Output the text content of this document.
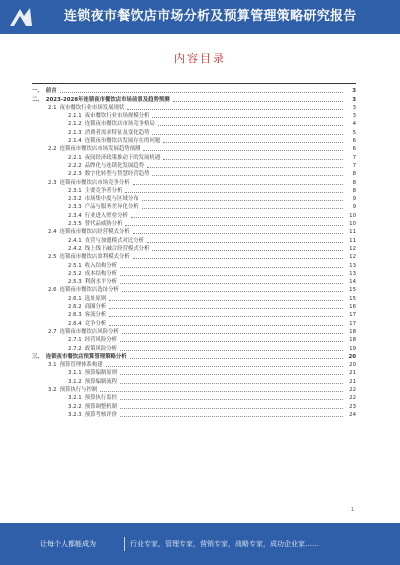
连锁夜市餐饮店市场分析及预算管理策略研究报告
内容目录
一、 前言	3
二、 2023-2028年连锁夜市餐饮店市场前景及趋势预测	3
2.1 夜市餐饮行业市场发展现状	3
2.1.1 夜市餐饮行业市场规模分析	3
2.1.2 连锁夜市餐饮店市场竞争格局	4
2.1.3 消费者需求特征及变化趋势	5
2.1.4 连锁夜市餐饮店发展存在的问题	6
2.2 连锁夜市餐饮店市场发展趋势预测	6
2.2.1 夜间经济政策推动下的发展机遇	7
2.2.2 品牌化与连锁化发展趋势	7
2.2.3 数字化转型与智慧经营趋势	8
2.3 连锁夜市餐饮店市场竞争分析	8
2.3.1 主要竞争者分析	8
2.3.2 市场集中度与区域分布	9
2.3.3 产品与服务差异化分析	9
2.3.4 行业进入壁垒分析	10
2.3.5 替代品威胁分析	10
2.4 连锁夜市餐饮店经营模式分析	11
2.4.1 直营与加盟模式对比分析	11
2.4.2 线上线下融合经营模式分析	12
2.5 连锁夜市餐饮店盈利模式分析	12
2.5.1 收入结构分析	13
2.5.2 成本结构分析	13
2.5.3 利润水平分析	14
2.6 连锁夜市餐饮店选址分析	15
2.6.1 选址原则	15
2.6.2 商圈分析	16
2.6.3 客流分析	17
2.6.4 竞争分析	17
2.7 连锁夜市餐饮店风险分析	18
2.7.1 经营风险分析	18
2.7.2 政策风险分析	19
三、 连锁夜市餐饮店预算管理策略分析	20
3.1 预算管理体系构建	20
3.1.1 预算编制原则	21
3.1.2 预算编制流程	21
3.2 预算执行与控制	22
3.2.1 预算执行监控	22
3.2.2 预算调整机制	23
3.2.3 预算考核评价	24
1
让每个人都能成为	行业专家，管理专家，营销专家，战略专家，成功企业家……
